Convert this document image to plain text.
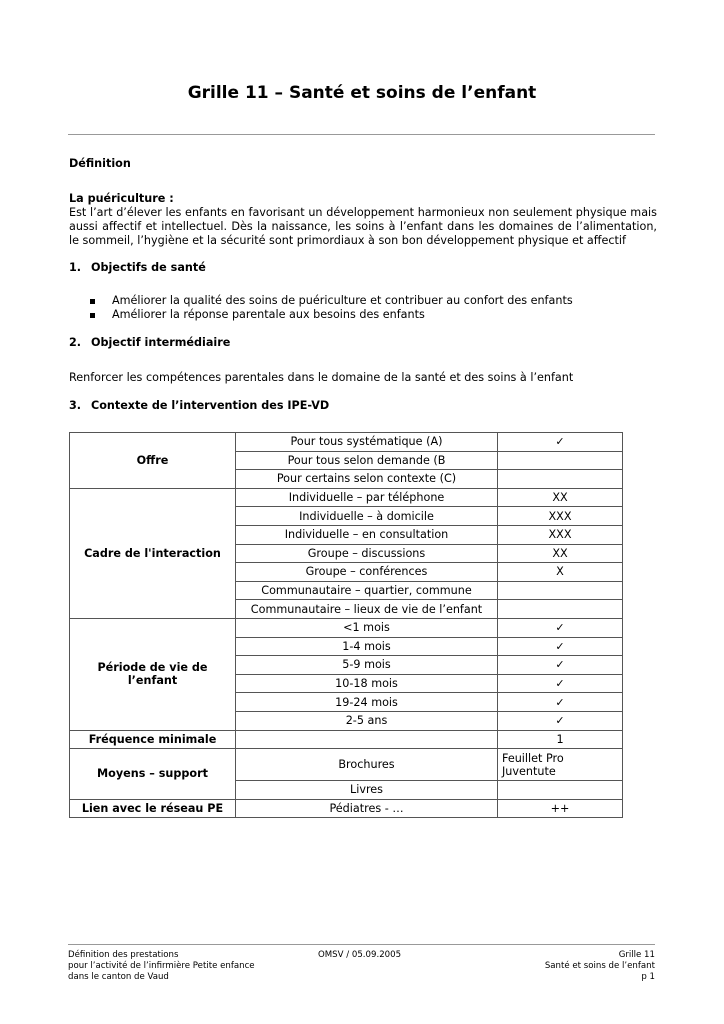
Grille 11 – Santé et soins de l’enfant
Définition
La puériculture :
Est l’art d’élever les enfants en favorisant un développement harmonieux non seulement physique mais aussi affectif et intellectuel. Dès la naissance, les soins à l’enfant dans les domaines de l’alimentation, le sommeil, l’hygiène et la sécurité sont primordiaux à son bon développement physique et affectif
1. Objectifs de santé
Améliorer la qualité des soins de puériculture et contribuer au confort des enfants
Améliorer la réponse parentale aux besoins des enfants
2. Objectif intermédiaire
Renforcer les compétences parentales dans le domaine de la santé et des soins à l’enfant
3. Contexte de l’intervention des IPE-VD
Offre	Pour tous systématique (A)	✓
	Pour tous selon demande (B	
	Pour certains selon contexte (C)	
Cadre de l'interaction	Individuelle – par téléphone	XX
	Individuelle – à domicile	XXX
	Individuelle – en consultation	XXX
	Groupe – discussions	XX
	Groupe – conférences	X
	Communautaire – quartier, commune	
	Communautaire – lieux de vie de l’enfant	
Période de vie de l’enfant	<1 mois	✓
	1-4 mois	✓
	5-9 mois	✓
	10-18 mois	✓
	19-24 mois	✓
	2-5 ans	✓
Fréquence minimale		1
Moyens – support	Brochures	Feuillet Pro Juventute
	Livres	
Lien avec le réseau PE	Pédiatres - …	++
Définition des prestations
pour l’activité de l’infirmière Petite enfance
dans le canton de Vaud
OMSV / 05.09.2005	Grille 11
Santé et soins de l’enfant
p 1
